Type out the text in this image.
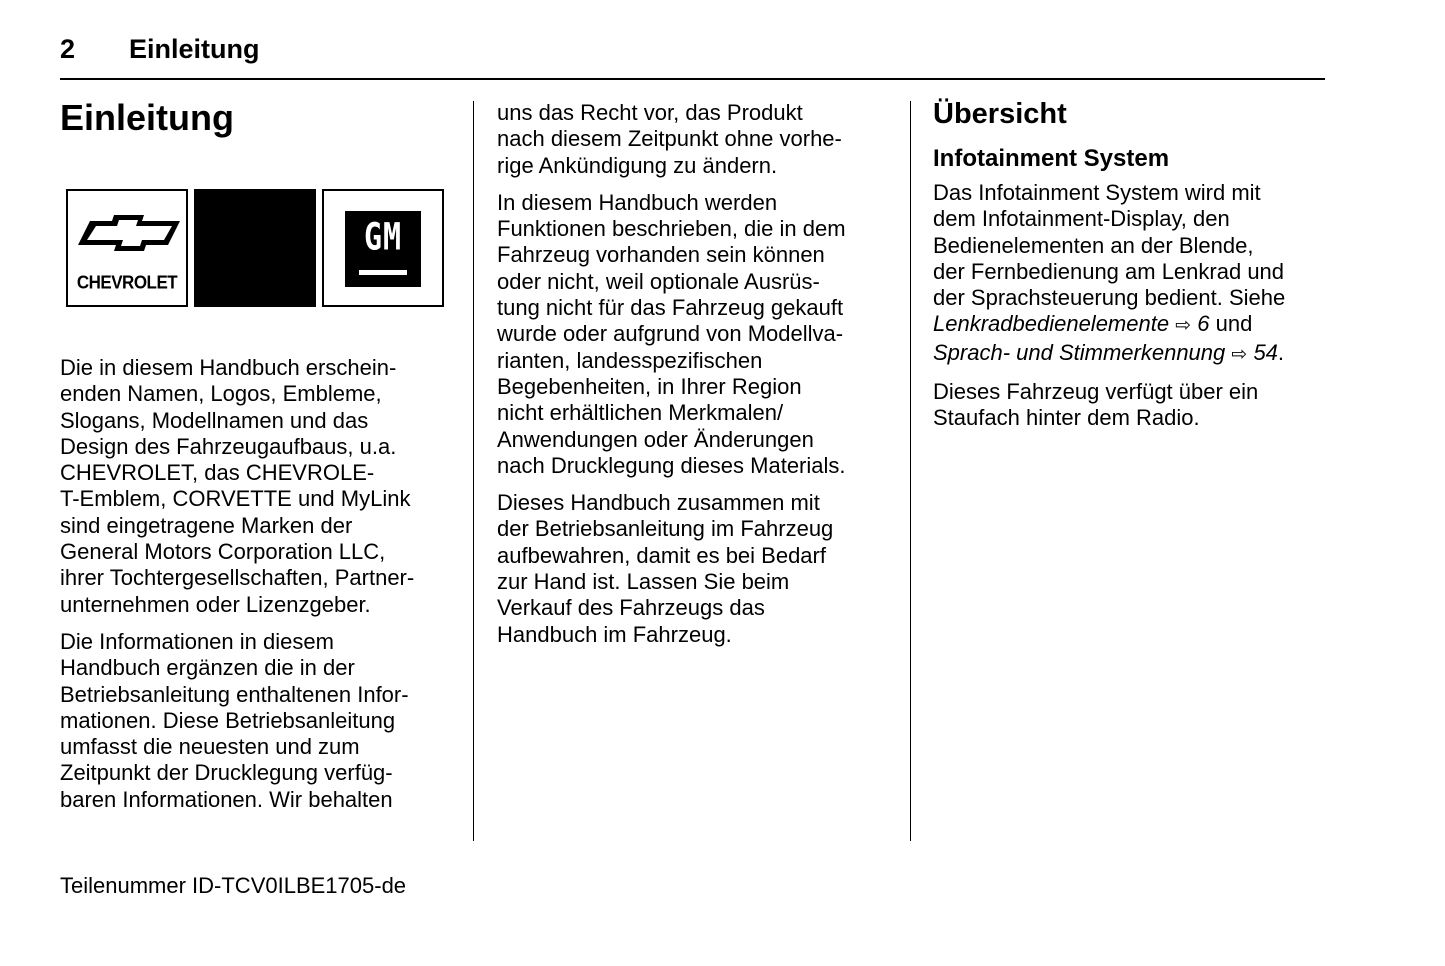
2 Einleitung
Einleitung
CHEVROLET
GM

Die in diesem Handbuch erschein-
enden Namen, Logos, Embleme,
Slogans, Modellnamen und das
Design des Fahrzeugaufbaus, u.a.
CHEVROLET, das CHEVROLE-
T-Emblem, CORVETTE und MyLink
sind eingetragene Marken der
General Motors Corporation LLC,
ihrer Tochtergesellschaften, Partner-
unternehmen oder Lizenzgeber.

Die Informationen in diesem
Handbuch ergänzen die in der
Betriebsanleitung enthaltenen Infor-
mationen. Diese Betriebsanleitung
umfasst die neuesten und zum
Zeitpunkt der Drucklegung verfüg-
baren Informationen. Wir behalten

uns das Recht vor, das Produkt
nach diesem Zeitpunkt ohne vorhe-
rige Ankündigung zu ändern.

In diesem Handbuch werden
Funktionen beschrieben, die in dem
Fahrzeug vorhanden sein können
oder nicht, weil optionale Ausrüs-
tung nicht für das Fahrzeug gekauft
wurde oder aufgrund von Modellva-
rianten, landesspezifischen
Begebenheiten, in Ihrer Region
nicht erhältlichen Merkmalen/
Anwendungen oder Änderungen
nach Drucklegung dieses Materials.

Dieses Handbuch zusammen mit
der Betriebsanleitung im Fahrzeug
aufbewahren, damit es bei Bedarf
zur Hand ist. Lassen Sie beim
Verkauf des Fahrzeugs das
Handbuch im Fahrzeug.

Übersicht
Infotainment System

Das Infotainment System wird mit
dem Infotainment-Display, den
Bedienelementen an der Blende,
der Fernbedienung am Lenkrad und
der Sprachsteuerung bedient. Siehe
Lenkradbedienelemente ⇨ 6 und
Sprach- und Stimmerkennung ⇨ 54.

Dieses Fahrzeug verfügt über ein
Staufach hinter dem Radio.

Teilenummer ID-TCV0ILBE1705-de
